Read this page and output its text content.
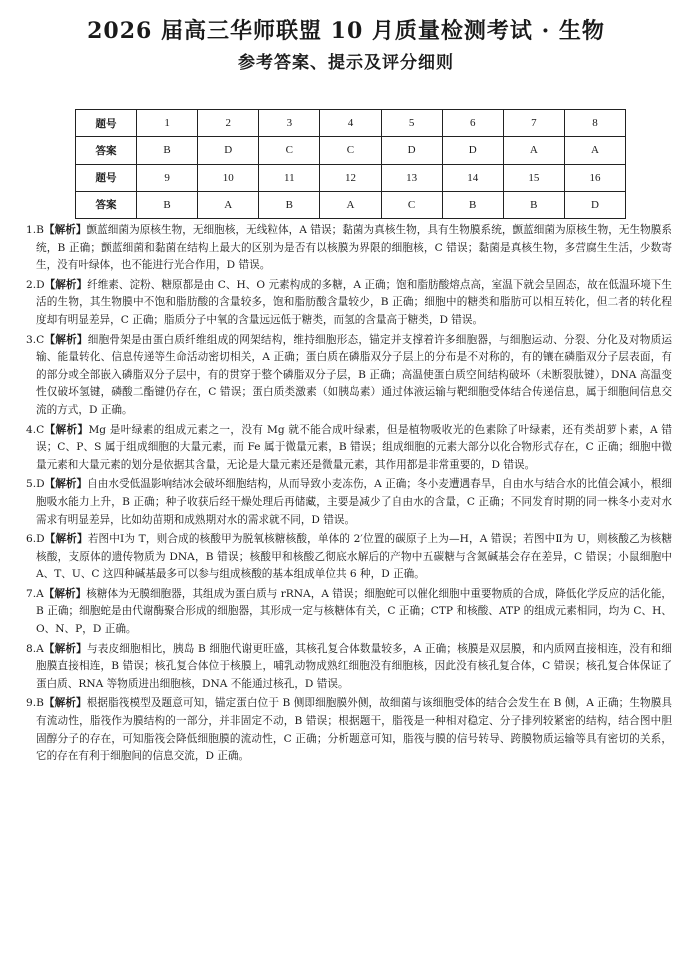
2026 届高三华师联盟 10 月质量检测考试 · 生物
参考答案、提示及评分细则
题号	1	2	3	4	5	6	7	8
答案	B	D	C	C	D	D	A	A
题号	9	10	11	12	13	14	15	16
答案	B	A	B	A	C	B	B	D

1.B【解析】颤蓝细菌为原核生物，无细胞核，无线粒体，A 错误；黏菌为真核生物，具有生物膜系统，颤蓝细菌为原核生物，无生物膜系统，B 正确；颤蓝细菌和黏菌在结构上最大的区别为是否有以核膜为界限的细胞核，C 错误；黏菌是真核生物，多营腐生生活，少数寄生，没有叶绿体，也不能进行光合作用，D 错误。

2.D【解析】纤维素、淀粉、糖原都是由 C、H、O 元素构成的多糖，A 正确；饱和脂肪酸熔点高，室温下就会呈固态，故在低温环境下生活的生物，其生物膜中不饱和脂肪酸的含量较多，饱和脂肪酸含量较少，B 正确；细胞中的糖类和脂肪可以相互转化，但二者的转化程度却有明显差异，C 正确；脂质分子中氧的含量远远低于糖类，而氢的含量高于糖类，D 错误。

3.C【解析】细胞骨架是由蛋白质纤维组成的网架结构，维持细胞形态，锚定并支撑着许多细胞器，与细胞运动、分裂、分化及对物质运输、能量转化、信息传递等生命活动密切相关，A 正确；蛋白质在磷脂双分子层上的分布是不对称的，有的镶在磷脂双分子层表面，有的部分或全部嵌入磷脂双分子层中，有的贯穿于整个磷脂双分子层，B 正确；高温使蛋白质空间结构破坏（未断裂肽键），DNA 高温变性仅破坏氢键，磷酸二酯键仍存在，C 错误；蛋白质类激素（如胰岛素）通过体液运输与靶细胞受体结合传递信息，属于细胞间信息交流的方式，D 正确。

4.C【解析】Mg 是叶绿素的组成元素之一，没有 Mg 就不能合成叶绿素，但是植物吸收光的色素除了叶绿素，还有类胡萝卜素，A 错误；C、P、S 属于组成细胞的大量元素，而 Fe 属于微量元素，B 错误；组成细胞的元素大部分以化合物形式存在，C 正确；细胞中微量元素和大量元素的划分是依据其含量，无论是大量元素还是微量元素，其作用都是非常重要的，D 错误。

5.D【解析】自由水受低温影响结冰会破坏细胞结构，从而导致小麦冻伤，A 正确；冬小麦遭遇春旱，自由水与结合水的比值会减小，根细胞吸水能力上升，B 正确；种子收获后经干燥处理后再储藏，主要是减少了自由水的含量，C 正确；不同发育时期的同一株冬小麦对水需求有明显差异，比如幼苗期和成熟期对水的需求就不同，D 错误。

6.D【解析】若图中Ⅰ为 T，则合成的核酸甲为脱氧核糖核酸，单体的 2′位置的碳原子上为—H，A 错误；若图中Ⅱ为 U，则核酸乙为核糖核酸，支原体的遗传物质为 DNA，B 错误；核酸甲和核酸乙彻底水解后的产物中五碳糖与含氮碱基会存在差异，C 错误；小鼠细胞中 A、T、U、C 这四种碱基最多可以参与组成核酸的基本组成单位共 6 种，D 正确。

7.A【解析】核糖体为无膜细胞器，其组成为蛋白质与 rRNA，A 错误；细胞蛇可以催化细胞中重要物质的合成，降低化学反应的活化能，B 正确；细胞蛇是由代谢酶聚合形成的细胞器，其形成一定与核糖体有关，C 正确；CTP 和核酸、ATP 的组成元素相同，均为 C、H、O、N、P，D 正确。

8.A【解析】与表皮细胞相比，胰岛 B 细胞代谢更旺盛，其核孔复合体数量较多，A 正确；核膜是双层膜，和内质网直接相连，没有和细胞膜直接相连，B 错误；核孔复合体位于核膜上，哺乳动物成熟红细胞没有细胞核，因此没有核孔复合体，C 错误；核孔复合体保证了蛋白质、RNA 等物质进出细胞核，DNA 不能通过核孔，D 错误。

9.B【解析】根据脂筏模型及题意可知，锚定蛋白位于 B 侧即细胞膜外侧，故细菌与该细胞受体的结合会发生在 B 侧，A 正确；生物膜具有流动性，脂筏作为膜结构的一部分，并非固定不动，B 错误；根据题干，脂筏是一种相对稳定、分子排列较紧密的结构，结合图中胆固醇分子的存在，可知脂筏会降低细胞膜的流动性，C 正确；分析题意可知，脂筏与膜的信号转导、跨膜物质运输等具有密切的关系，它的存在有利于细胞间的信息交流，D 正确。
